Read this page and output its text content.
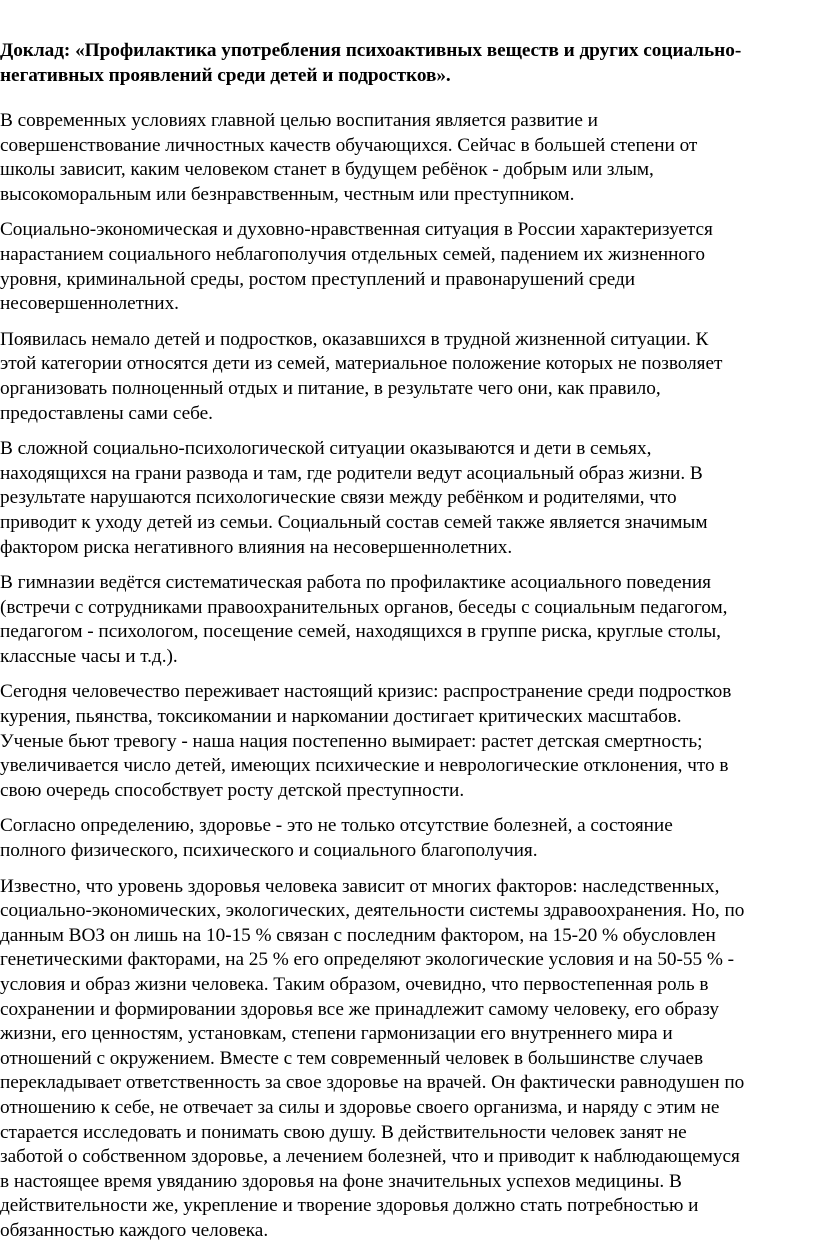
Доклад: «Профилактика употребления психоактивных веществ и других социально-
негативных проявлений среди детей и подростков».
В современных условиях главной целью воспитания является развитие и
совершенствование личностных качеств обучающихся. Сейчас в большей степени от
школы зависит, каким человеком станет в будущем ребёнок - добрым или злым,
высокоморальным или безнравственным, честным или преступником.
Социально-экономическая и духовно-нравственная ситуация в России характеризуется
нарастанием социального неблагополучия отдельных семей, падением их жизненного
уровня, криминальной среды, ростом преступлений и правонарушений среди
несовершеннолетних.
Появилась немало детей и подростков, оказавшихся в трудной жизненной ситуации. К
этой категории относятся дети из семей, материальное положение которых не позволяет
организовать полноценный отдых и питание, в результате чего они, как правило,
предоставлены сами себе.
В сложной социально-психологической ситуации оказываются и дети в семьях,
находящихся на грани развода и там, где родители ведут асоциальный образ жизни. В
результате нарушаются психологические связи между ребёнком и родителями, что
приводит к уходу детей из семьи. Социальный состав семей также является значимым
фактором риска негативного влияния на несовершеннолетних.
В гимназии ведётся систематическая работа по профилактике асоциального поведения
(встречи с сотрудниками правоохранительных органов, беседы с социальным педагогом,
педагогом - психологом, посещение семей, находящихся в группе риска, круглые столы,
классные часы и т.д.).
Сегодня человечество переживает настоящий кризис: распространение среди подростков
курения, пьянства, токсикомании и наркомании достигает критических масштабов.
Ученые бьют тревогу - наша нация постепенно вымирает: растет детская смертность;
увеличивается число детей, имеющих психические и неврологические отклонения, что в
свою очередь способствует росту детской преступности.
Согласно определению, здоровье - это не только отсутствие болезней, а состояние
полного физического, психического и социального благополучия.
Известно, что уровень здоровья человека зависит от многих факторов: наследственных,
социально-экономических, экологических, деятельности системы здравоохранения. Но, по
данным ВОЗ он лишь на 10-15 % связан с последним фактором, на 15-20 % обусловлен
генетическими факторами, на 25 % его определяют экологические условия и на 50-55 % -
условия и образ жизни человека. Таким образом, очевидно, что первостепенная роль в
сохранении и формировании здоровья все же принадлежит самому человеку, его образу
жизни, его ценностям, установкам, степени гармонизации его внутреннего мира и
отношений с окружением. Вместе с тем современный человек в большинстве случаев
перекладывает ответственность за свое здоровье на врачей. Он фактически равнодушен по
отношению к себе, не отвечает за силы и здоровье своего организма, и наряду с этим не
старается исследовать и понимать свою душу. В действительности человек занят не
заботой о собственном здоровье, а лечением болезней, что и приводит к наблюдающемуся
в настоящее время увяданию здоровья на фоне значительных успехов медицины. В
действительности же, укрепление и творение здоровья должно стать потребностью и
обязанностью каждого человека.
